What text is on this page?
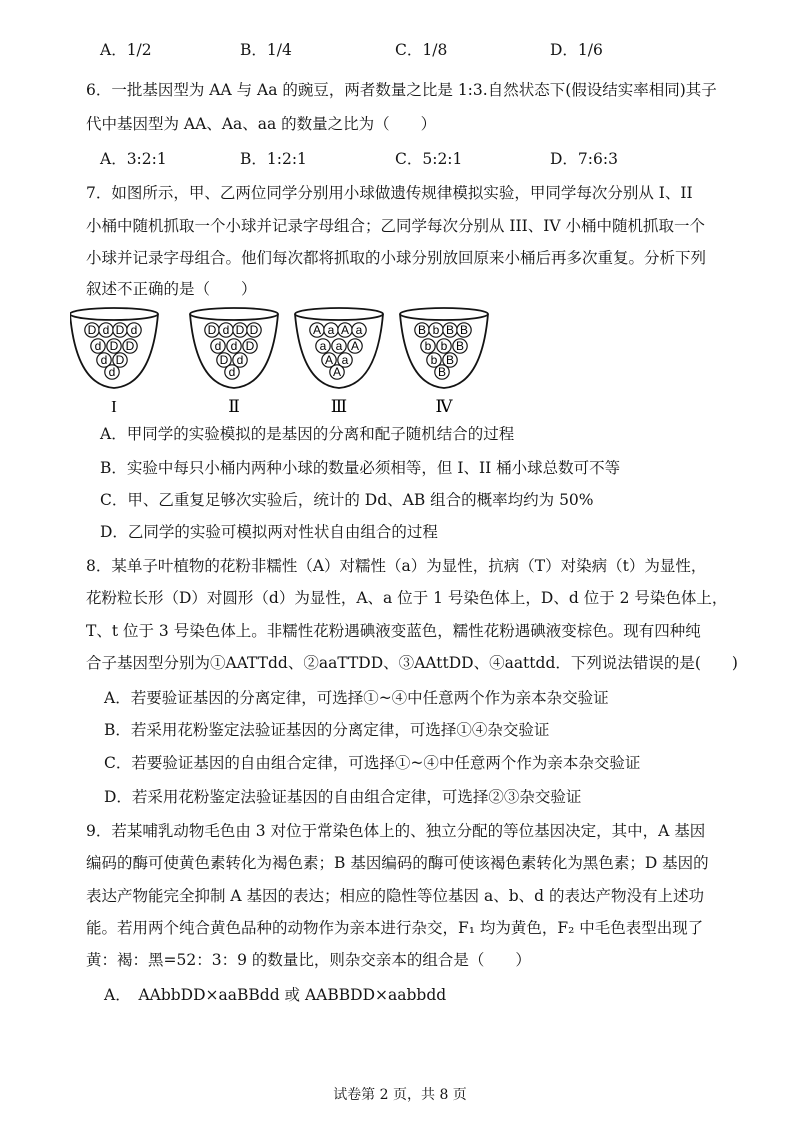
A．1/2	B．1/4	C．1/8	D．1/6
6．一批基因型为 AA 与 Aa 的豌豆，两者数量之比是 1:3.自然状态下(假设结实率相同)其子
代中基因型为 AA、Aa、aa 的数量之比为（　　）
A．3:2:1	B．1:2:1	C．5:2:1	D．7:6:3
7．如图所示，甲、乙两位同学分别用小球做遗传规律模拟实验，甲同学每次分别从 I、II
小桶中随机抓取一个小球并记录字母组合；乙同学每次分别从 III、IV 小桶中随机抓取一个
小球并记录字母组合。他们每次都将抓取的小球分别放回原来小桶后再多次重复。分析下列
叙述不正确的是（　　）
D d D d
d D D
d D
d
I
D d D D
d d D
D d
d
Ⅱ
A a A a
a a A
A a
A
Ⅲ
B b B B
b b B
b B
B
Ⅳ
A．甲同学的实验模拟的是基因的分离和配子随机结合的过程
B．实验中每只小桶内两种小球的数量必须相等，但 I、II 桶小球总数可不等
C．甲、乙重复足够次实验后，统计的 Dd、AB 组合的概率均约为 50%
D．乙同学的实验可模拟两对性状自由组合的过程
8．某单子叶植物的花粉非糯性（A）对糯性（a）为显性，抗病（T）对染病（t）为显性，
花粉粒长形（D）对圆形（d）为显性，A、a 位于 1 号染色体上，D、d 位于 2 号染色体上，
T、t 位于 3 号染色体上。非糯性花粉遇碘液变蓝色，糯性花粉遇碘液变棕色。现有四种纯
合子基因型分别为①AATTdd、②aaTTDD、③AAttDD、④aattdd．下列说法错误的是(　　)
A．若要验证基因的分离定律，可选择①~④中任意两个作为亲本杂交验证
B．若采用花粉鉴定法验证基因的分离定律，可选择①④杂交验证
C．若要验证基因的自由组合定律，可选择①~④中任意两个作为亲本杂交验证
D．若采用花粉鉴定法验证基因的自由组合定律，可选择②③杂交验证
9．若某哺乳动物毛色由 3 对位于常染色体上的、独立分配的等位基因决定，其中，A 基因
编码的酶可使黄色素转化为褐色素；B 基因编码的酶可使该褐色素转化为黑色素；D 基因的
表达产物能完全抑制 A 基因的表达；相应的隐性等位基因 a、b、d 的表达产物没有上述功
能。若用两个纯合黄色品种的动物作为亲本进行杂交，F₁ 均为黄色，F₂ 中毛色表型出现了
黄：褐：黑=52：3：9 的数量比，则杂交亲本的组合是（　　）
A．　AAbbDD×aaBBdd 或 AABBDD×aabbdd
试卷第 2 页，共 8 页
